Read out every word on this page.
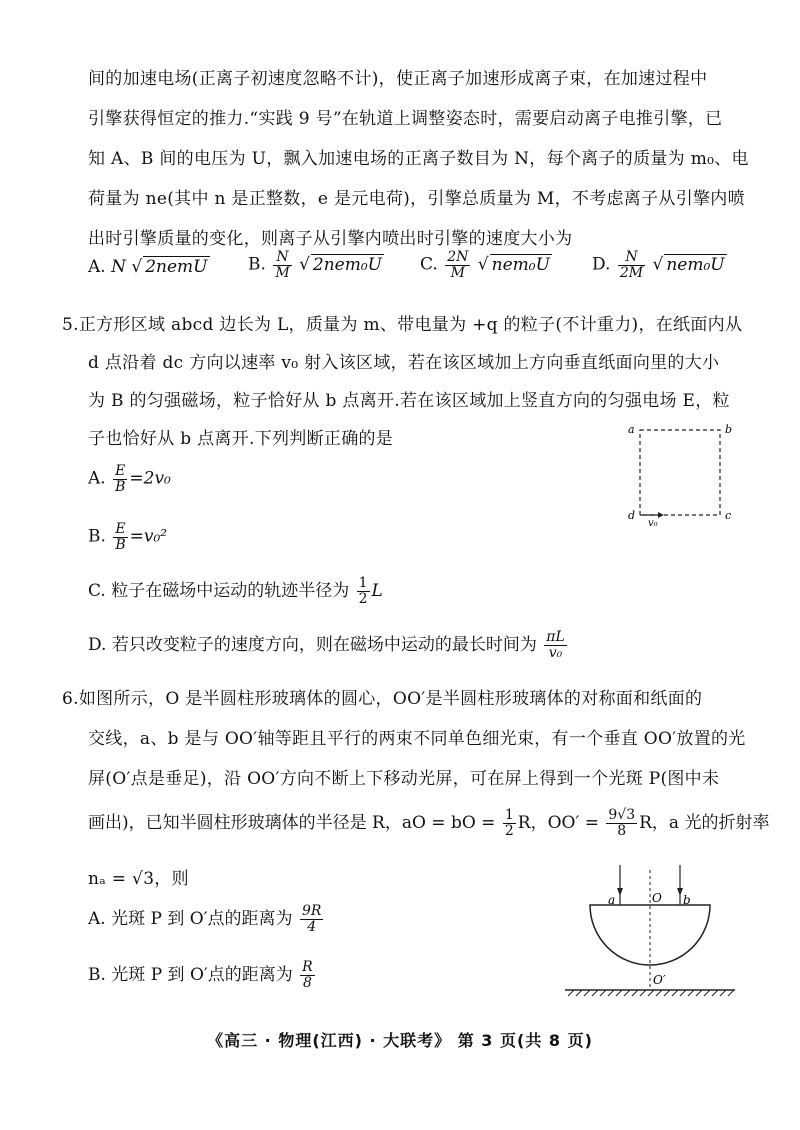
间的加速电场(正离子初速度忽略不计)，使正离子加速形成离子束，在加速过程中
引擎获得恒定的推力.“实践 9 号”在轨道上调整姿态时，需要启动离子电推引擎，已
知 A、B 间的电压为 U，飘入加速电场的正离子数目为 N，每个离子的质量为 m₀、电
荷量为 ne(其中 n 是正整数，e 是元电荷)，引擎总质量为 M，不考虑离子从引擎内喷
出时引擎质量的变化，则离子从引擎内喷出时引擎的速度大小为
A. N √ 2nemU B. $\frac{N}{M}$ √ 2nem₀U C. $\frac{2N}{M}$ √ nem₀U D. $\frac{N}{2M}$ √ nem₀U
5.正方形区域 abcd 边长为 L，质量为 m、带电量为 +q 的粒子(不计重力)，在纸面内从
d 点沿着 dc 方向以速率 v₀ 射入该区域，若在该区域加上方向垂直纸面向里的大小
为 B 的匀强磁场，粒子恰好从 b 点离开.若在该区域加上竖直方向的匀强电场 E，粒
子也恰好从 b 点离开.下列判断正确的是
A. $\frac{E}{B} =2v_0$
B. $\frac{E}{B} =v_0^2$
C. 粒子在磁场中运动的轨迹半径为 $\frac{1}{2}$ L
D. 若只改变粒子的速度方向，则在磁场中运动的最长时间为 $\frac{\pi L}{\text{v₀}}$
a	b
c
d
v₀
6.如图所示，O 是半圆柱形玻璃体的圆心，OO′是半圆柱形玻璃体的对称面和纸面的
交线，a、b 是与 OO′轴等距且平行的两束不同单色细光束，有一个垂直 OO′放置的光
屏(O′点是垂足)，沿 OO′方向不断上下移动光屏，可在屏上得到一个光斑 P(图中未
画出)，已知半圆柱形玻璃体的半径是 R，aO = bO = $\frac{1}{2}$ R，$OO' = \frac{9√3}{8}$ R，a 光的折射率
nₐ = √3，则
A. 光斑 P 到 O′点的距离为 $\frac{9R}{4}$
B. 光斑 P 到 O′点的距离为 $\frac{R}{8}$
a	O b
O′
《高三 · 物理(江西) · 大联考》 第 3 页(共 8 页)
